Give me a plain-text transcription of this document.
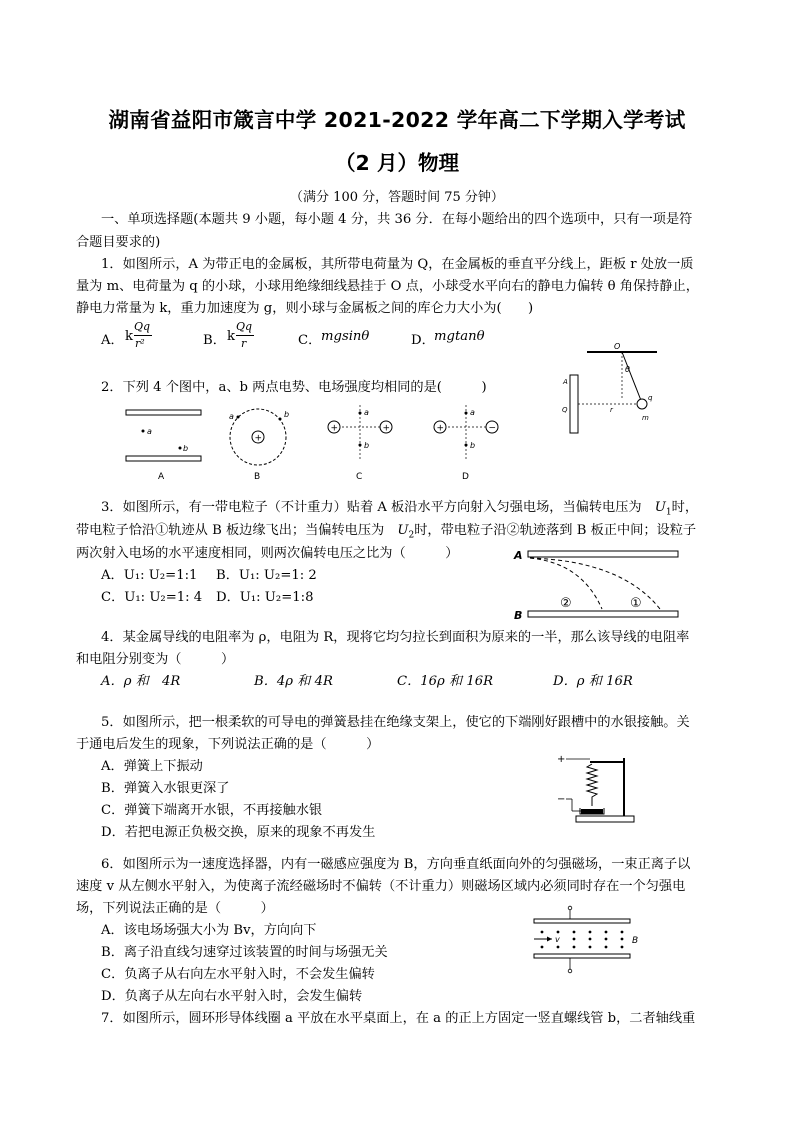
湖南省益阳市箴言中学 2021-2022 学年高二下学期入学考试
（2 月）物理
（满分 100 分，答题时间 75 分钟）
一、单项选择题(本题共 9 小题，每小题 4 分，共 36 分．在每小题给出的四个选项中，只有一项是符
合题目要求的)
1．如图所示，A 为带正电的金属板，其所带电荷量为 Q，在金属板的垂直平分线上，距板 r 处放一质
量为 m、电荷量为 q 的小球，小球用绝缘细线悬挂于 O 点，小球受水平向右的静电力偏转 θ 角保持静止，
静电力常量为 k，重力加速度为 g，则小球与金属板之间的库仑力大小为(　　)
A． k
Qq
r²	B． k
Qq
r	C． mgsinθ	D． mgtanθ
O
θ
A
Q	r
q
m
2．下列 4 个图中，a、b 两点电势、电场强度均相同的是(　　　)
a
b
A
+
a	b
B
+	+
a
b
C
+	−
a
b
D
3．如图所示，有一带电粒子（不计重力）贴着 A 板沿水平方向射入匀强电场，当偏转电压为　$U_1$时，
带电粒子恰沿①轨迹从 B 板边缘飞出；当偏转电压为　$U_2$时，带电粒子沿②轨迹落到 B 板正中间；设粒子
两次射入电场的水平速度相同，则两次偏转电压之比为（　　　）
A．U₁: U₂=1:1 B．U₁: U₂=1: 2
C．U₁: U₂=1: 4 D．U₁: U₂=1:8
A
B
②	①
4．某金属导线的电阻率为 ρ，电阻为 R，现将它均匀拉长到面积为原来的一半，那么该导线的电阻率
和电阻分别变为（　　　）
A．ρ 和　4R	B．4ρ 和 4R	C．16ρ 和 16R	D．ρ 和 16R
5．如图所示，把一根柔软的可导电的弹簧悬挂在绝缘支架上，使它的下端刚好跟槽中的水银接触。关
于通电后发生的现象，下列说法正确的是（　　　）
A．弹簧上下振动
B．弹簧入水银更深了
C．弹簧下端离开水银，不再接触水银
D．若把电源正负极交换，原来的现象不再发生
+
−
6．如图所示为一速度选择器，内有一磁感应强度为 B，方向垂直纸面向外的匀强磁场，一束正离子以
速度 v 从左侧水平射入，为使离子流经磁场时不偏转（不计重力）则磁场区域内必须同时存在一个匀强电
场，下列说法正确的是（　　　）
A．该电场场强大小为 Bv，方向向下
B．离子沿直线匀速穿过该装置的时间与场强无关
C．负离子从右向左水平射入时，不会发生偏转
D．负离子从左向右水平射入时，会发生偏转
v	B
7．如图所示，圆环形导体线圈 a 平放在水平桌面上，在 a 的正上方固定一竖直螺线管 b，二者轴线重
